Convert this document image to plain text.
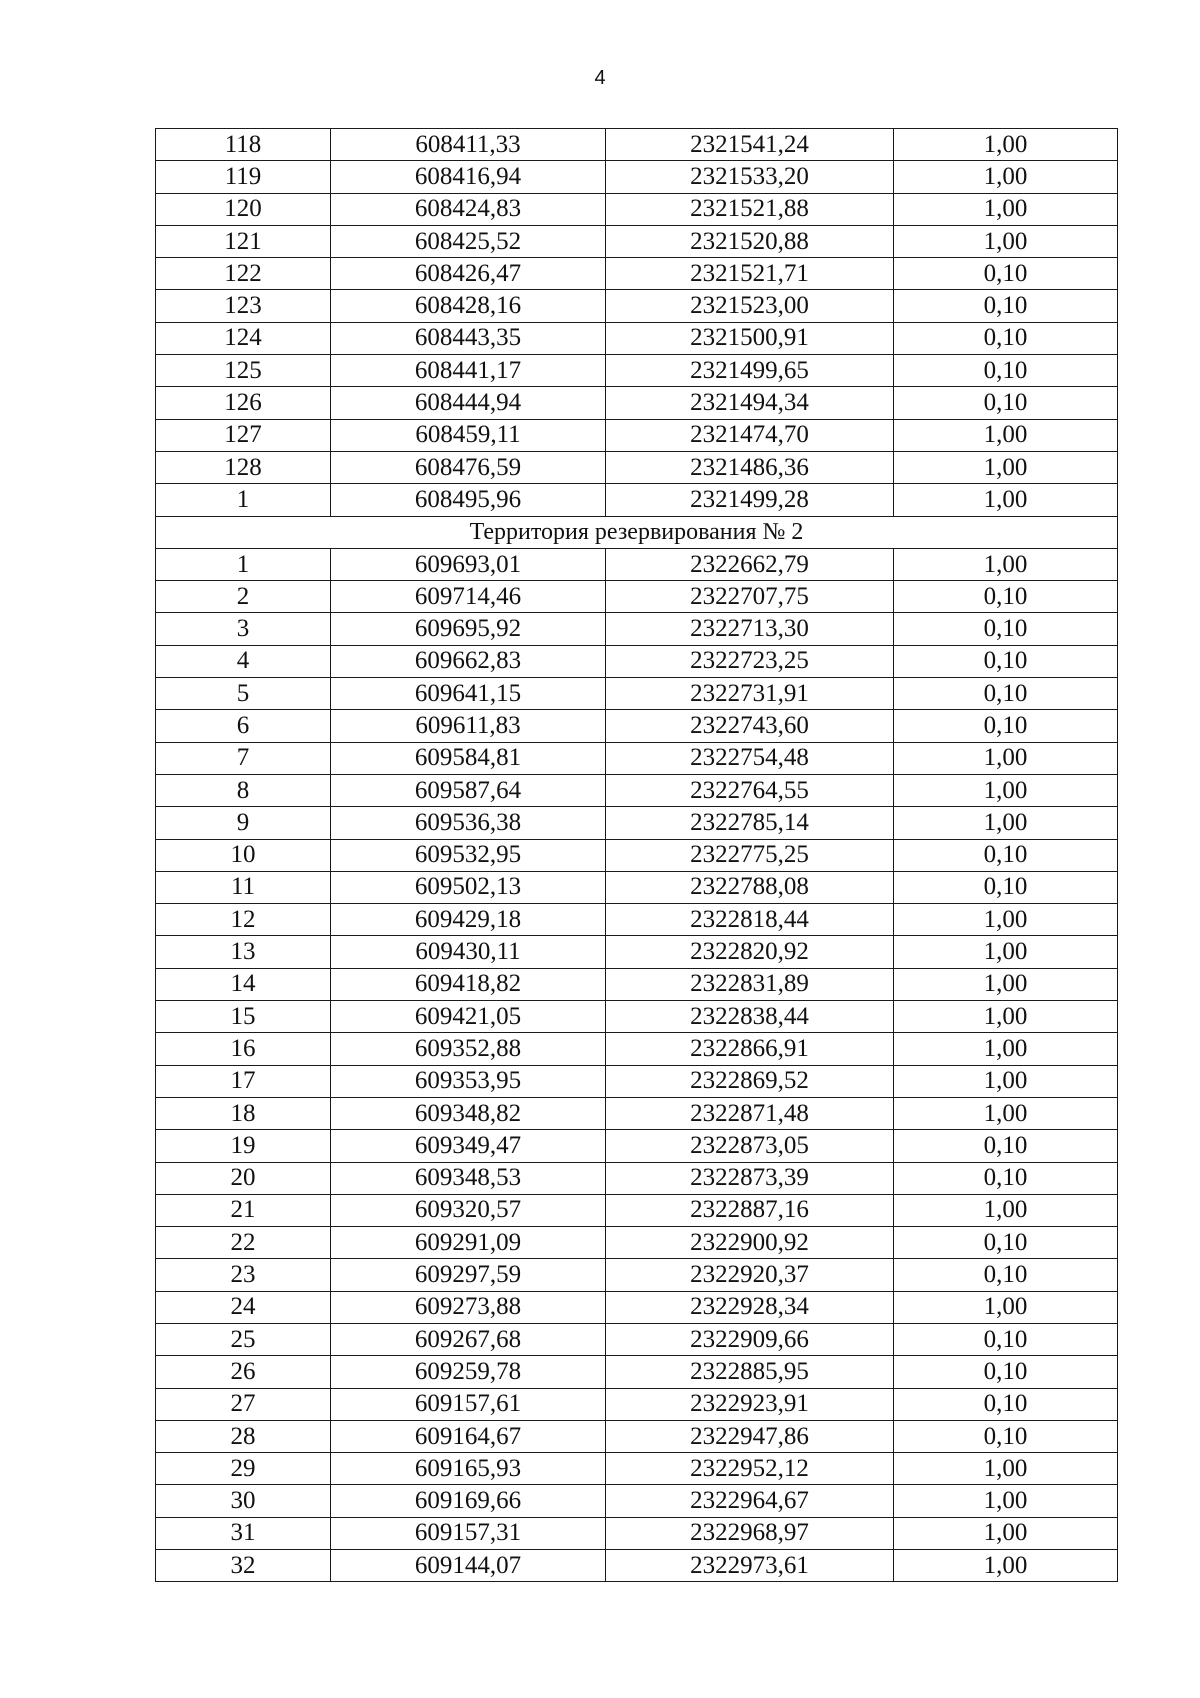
4
118	608411,33	2321541,24	1,00
119	608416,94	2321533,20	1,00
120	608424,83	2321521,88	1,00
121	608425,52	2321520,88	1,00
122	608426,47	2321521,71	0,10
123	608428,16	2321523,00	0,10
124	608443,35	2321500,91	0,10
125	608441,17	2321499,65	0,10
126	608444,94	2321494,34	0,10
127	608459,11	2321474,70	1,00
128	608476,59	2321486,36	1,00
1	608495,96	2321499,28	1,00
Территория резервирования № 2			
1	609693,01	2322662,79	1,00
2	609714,46	2322707,75	0,10
3	609695,92	2322713,30	0,10
4	609662,83	2322723,25	0,10
5	609641,15	2322731,91	0,10
6	609611,83	2322743,60	0,10
7	609584,81	2322754,48	1,00
8	609587,64	2322764,55	1,00
9	609536,38	2322785,14	1,00
10	609532,95	2322775,25	0,10
11	609502,13	2322788,08	0,10
12	609429,18	2322818,44	1,00
13	609430,11	2322820,92	1,00
14	609418,82	2322831,89	1,00
15	609421,05	2322838,44	1,00
16	609352,88	2322866,91	1,00
17	609353,95	2322869,52	1,00
18	609348,82	2322871,48	1,00
19	609349,47	2322873,05	0,10
20	609348,53	2322873,39	0,10
21	609320,57	2322887,16	1,00
22	609291,09	2322900,92	0,10
23	609297,59	2322920,37	0,10
24	609273,88	2322928,34	1,00
25	609267,68	2322909,66	0,10
26	609259,78	2322885,95	0,10
27	609157,61	2322923,91	0,10
28	609164,67	2322947,86	0,10
29	609165,93	2322952,12	1,00
30	609169,66	2322964,67	1,00
31	609157,31	2322968,97	1,00
32	609144,07	2322973,61	1,00
